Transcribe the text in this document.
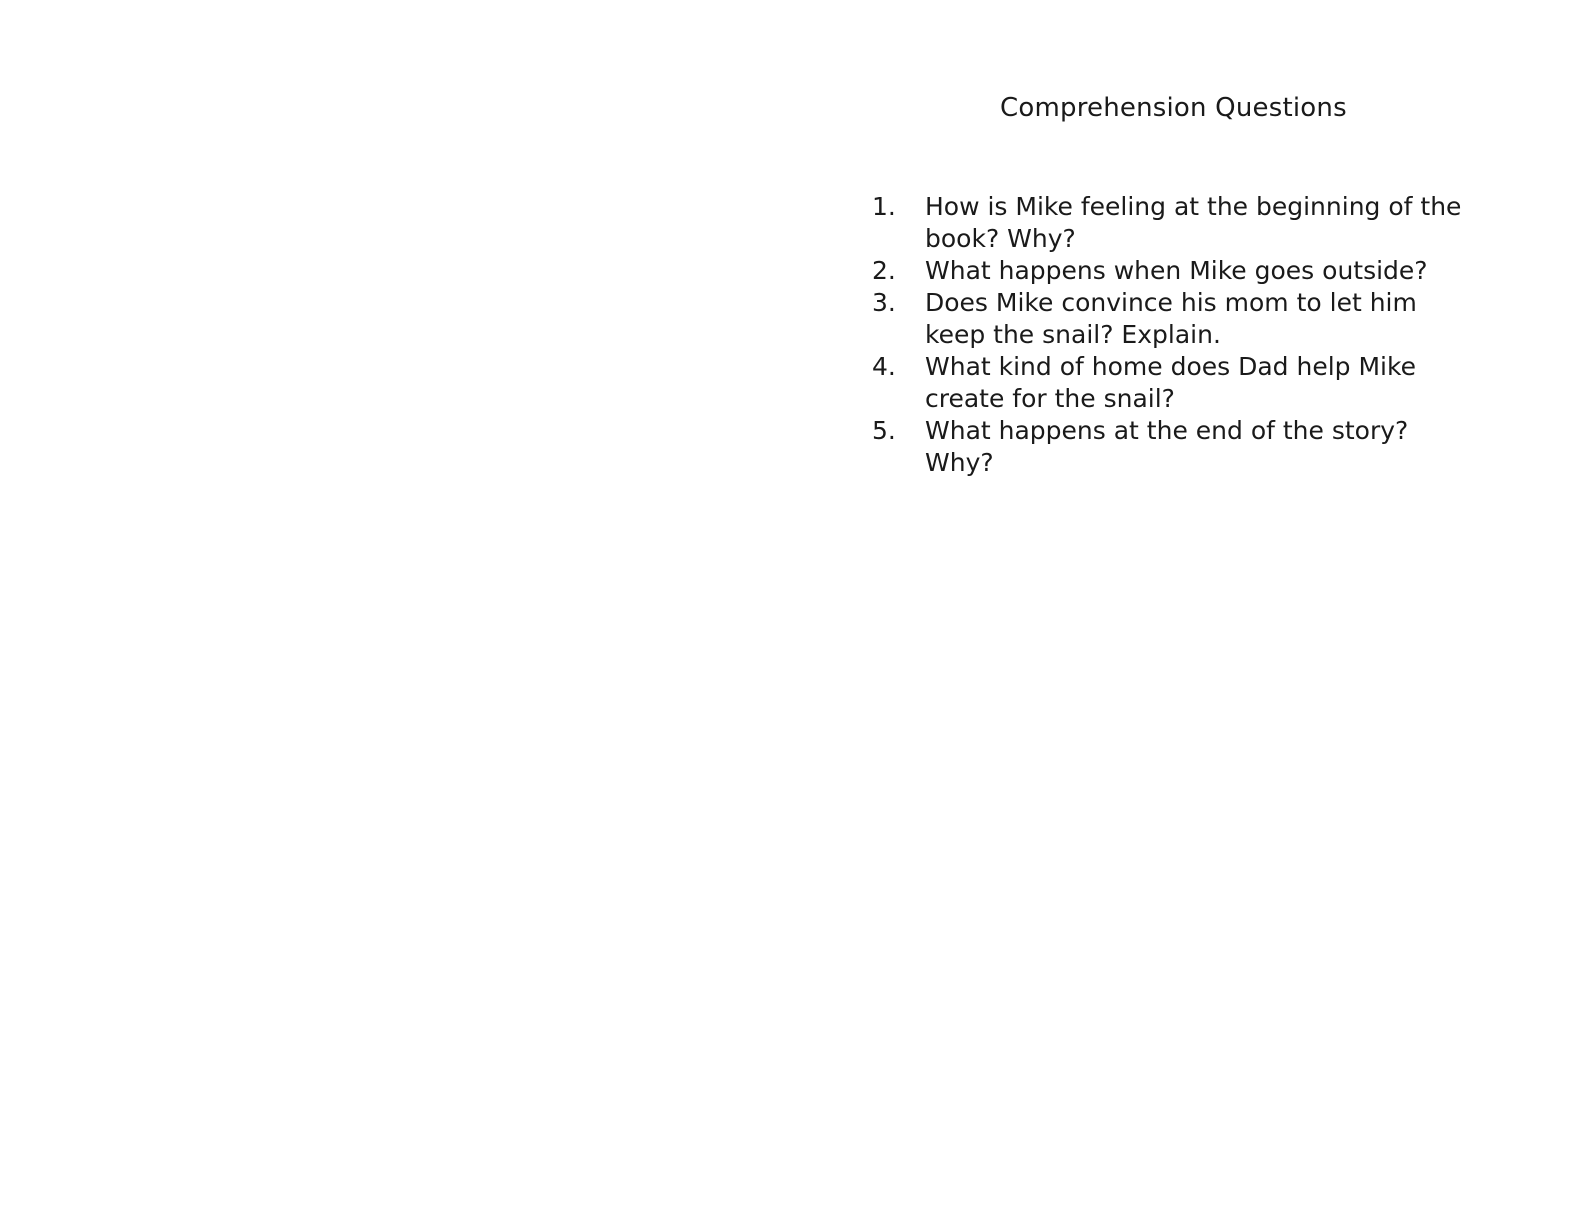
Comprehension Questions
1. How is Mike feeling at the beginning of the
book? Why?
2. What happens when Mike goes outside?
3. Does Mike convince his mom to let him
keep the snail? Explain.
4. What kind of home does Dad help Mike
create for the snail?
5. What happens at the end of the story?
Why?
